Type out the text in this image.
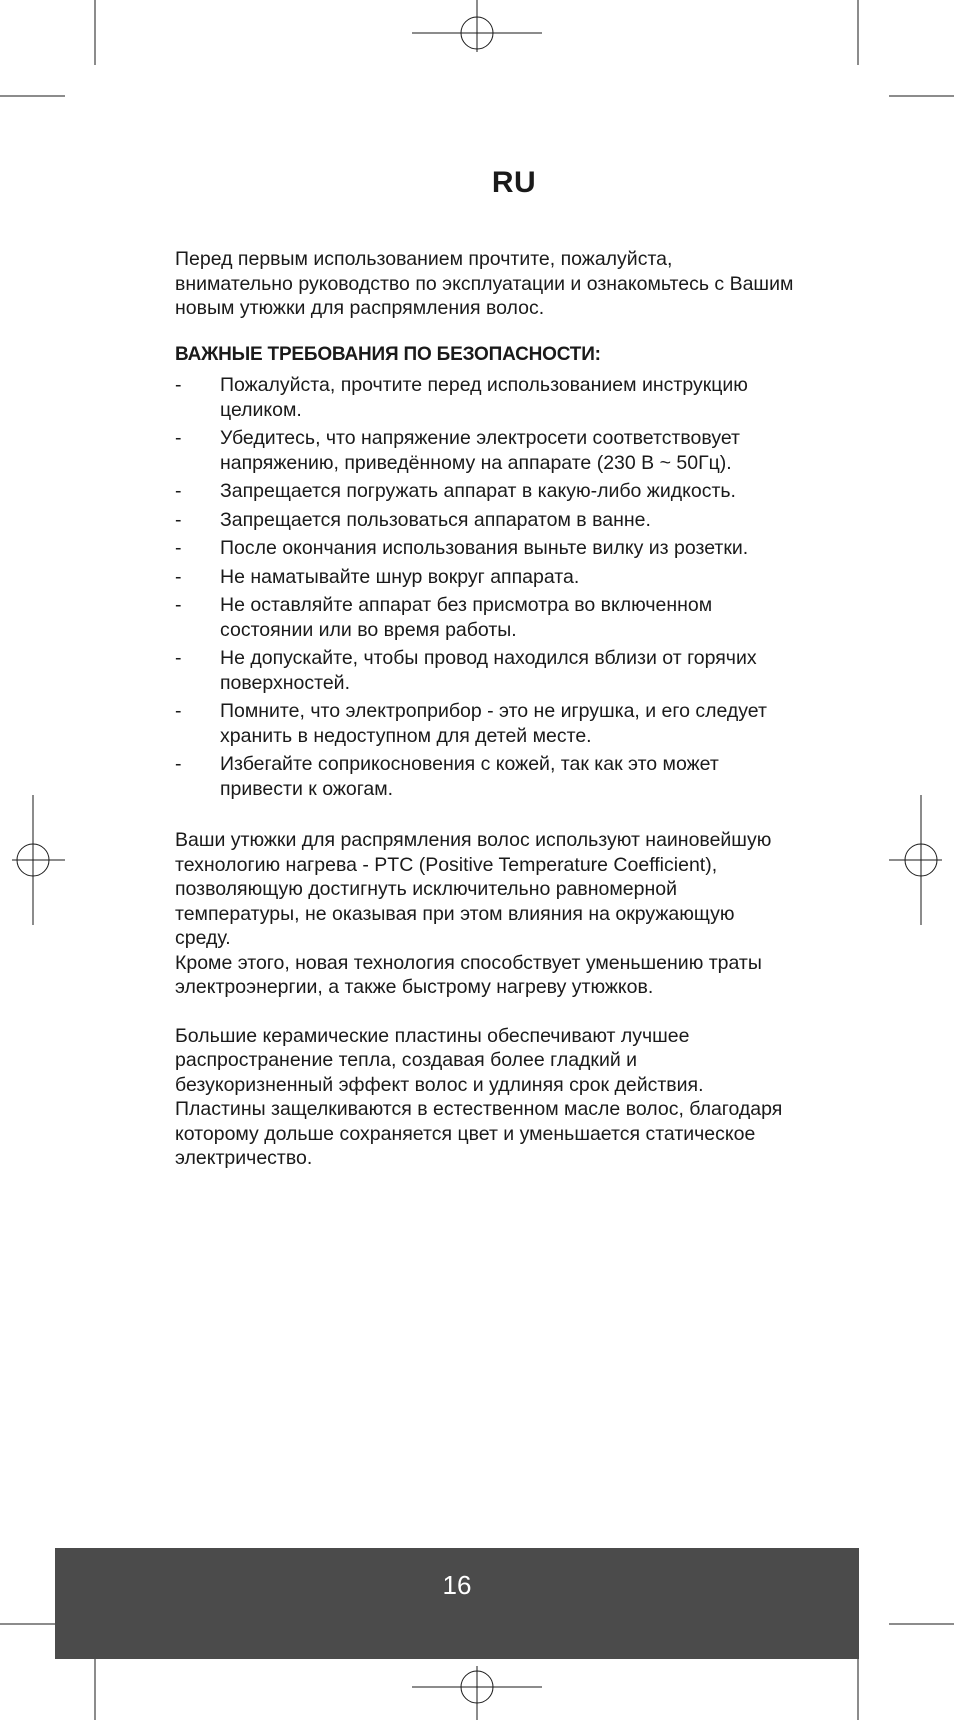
RU

Перед первым использованием прочтите, пожалуйста, внимательно руководство по эксплуатации и ознакомьтесь с Вашим новым утюжки для распрямления волос.

ВАЖНЫЕ ТРЕБОВАНИЯ ПО БЕЗОПАСНОСТИ:

- Пожалуйста, прочтите перед использованием инструкцию целиком.
- Убедитесь, что напряжение электросети соответствовует напряжению, приведённому на аппарате (230 В ~ 50Гц).
- Запрещается погружать аппарат в какую-либо жидкость.
- Запрещается пользоваться аппаратом в ванне.
- После окончания использования выньте вилку из розетки.
- Не наматывайте шнур вокруг аппарата.
- Не оставляйте аппарат без присмотра во включенном состоянии или во время работы.
- Не допускайте, чтобы провод находился вблизи от горячих поверхностей.
- Помните, что электроприбор - это не игрушка, и его следует хранить в недоступном для детей месте.
- Избегайте соприкосновения с кожей, так как это может привести к ожогам.

Ваши утюжки для распрямления волос используют наиновейшую технологию нагрева - PTC (Positive Temperature Coefficient), позволяющую достигнуть исключительно равномерной температуры, не оказывая при этом влияния на окружающую среду.

Кроме этого, новая технология способствует уменьшению траты электроэнергии, а также быстрому нагреву утюжков.

Большие керамические пластины обеспечивают лучшее распространение тепла, создавая более гладкий и безукоризненный эффект волос и удлиняя срок действия. Пластины защелкиваются в естественном масле волос, благодаря которому дольше сохраняется цвет и уменьшается статическое электричество.

16
